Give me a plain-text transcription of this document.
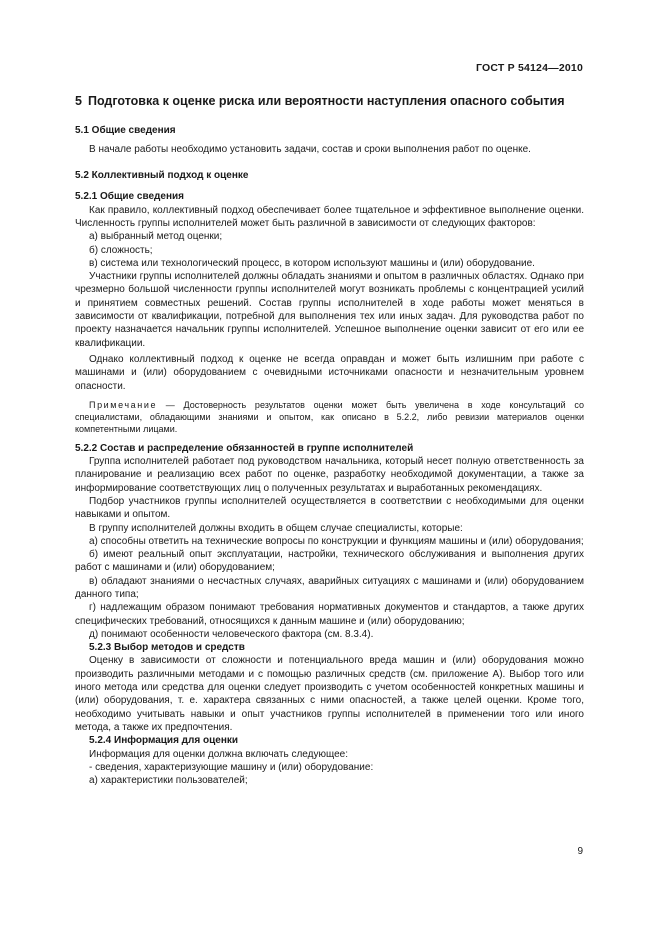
ГОСТ Р 54124—2010
5 Подготовка к оценке риска или вероятности наступления опасного события
5.1 Общие сведения
В начале работы необходимо установить задачи, состав и сроки выполнения работ по оценке.
5.2 Коллективный подход к оценке
5.2.1 Общие сведения
Как правило, коллективный подход обеспечивает более тщательное и эффективное выполнение оценки. Численность группы исполнителей может быть различной в зависимости от следующих факторов:
а) выбранный метод оценки;
б) сложность;
в) система или технологический процесс, в котором используют машины и (или) оборудование.
Участники группы исполнителей должны обладать знаниями и опытом в различных областях. Однако при чрезмерно большой численности группы исполнителей могут возникать проблемы с концентрацией усилий и принятием совместных решений. Состав группы исполнителей в ходе работы может меняться в зависимости от квалификации, потребной для выполнения тех или иных задач. Для руководства работ по проекту назначается начальник группы исполнителей. Успешное выполнение оценки зависит от его или ее квалификации.
Однако коллективный подход к оценке не всегда оправдан и может быть излишним при работе с машинами и (или) оборудованием с очевидными источниками опасности и незначительным уровнем опасности.
Примечание — Достоверность результатов оценки может быть увеличена в ходе консультаций со специалистами, обладающими знаниями и опытом, как описано в 5.2.2, либо ревизии материалов оценки компетентными лицами.
5.2.2 Состав и распределение обязанностей в группе исполнителей
Группа исполнителей работает под руководством начальника, который несет полную ответственность за планирование и реализацию всех работ по оценке, разработку необходимой документации, а также за информирование соответствующих лиц о полученных результатах и выработанных рекомендациях.
Подбор участников группы исполнителей осуществляется в соответствии с необходимыми для оценки навыками и опытом.
В группу исполнителей должны входить в общем случае специалисты, которые:
а) способны ответить на технические вопросы по конструкции и функциям машины и (или) оборудования;
б) имеют реальный опыт эксплуатации, настройки, технического обслуживания и выполнения других работ с машинами и (или) оборудованием;
в) обладают знаниями о несчастных случаях, аварийных ситуациях с машинами и (или) оборудованием данного типа;
г) надлежащим образом понимают требования нормативных документов и стандартов, а также других специфических требований, относящихся к данным машине и (или) оборудованию;
д) понимают особенности человеческого фактора (см. 8.3.4).
5.2.3 Выбор методов и средств
Оценку в зависимости от сложности и потенциального вреда машин и (или) оборудования можно производить различными методами и с помощью различных средств (см. приложение А). Выбор того или иного метода или средства для оценки следует производить с учетом особенностей конкретных машины и (или) оборудования, т. е. характера связанных с ними опасностей, а также целей оценки. Кроме того, необходимо учитывать навыки и опыт участников группы исполнителей в применении того или иного метода, а также их предпочтения.
5.2.4 Информация для оценки
Информация для оценки должна включать следующее:
- сведения, характеризующие машину и (или) оборудование:
а) характеристики пользователей;
9
